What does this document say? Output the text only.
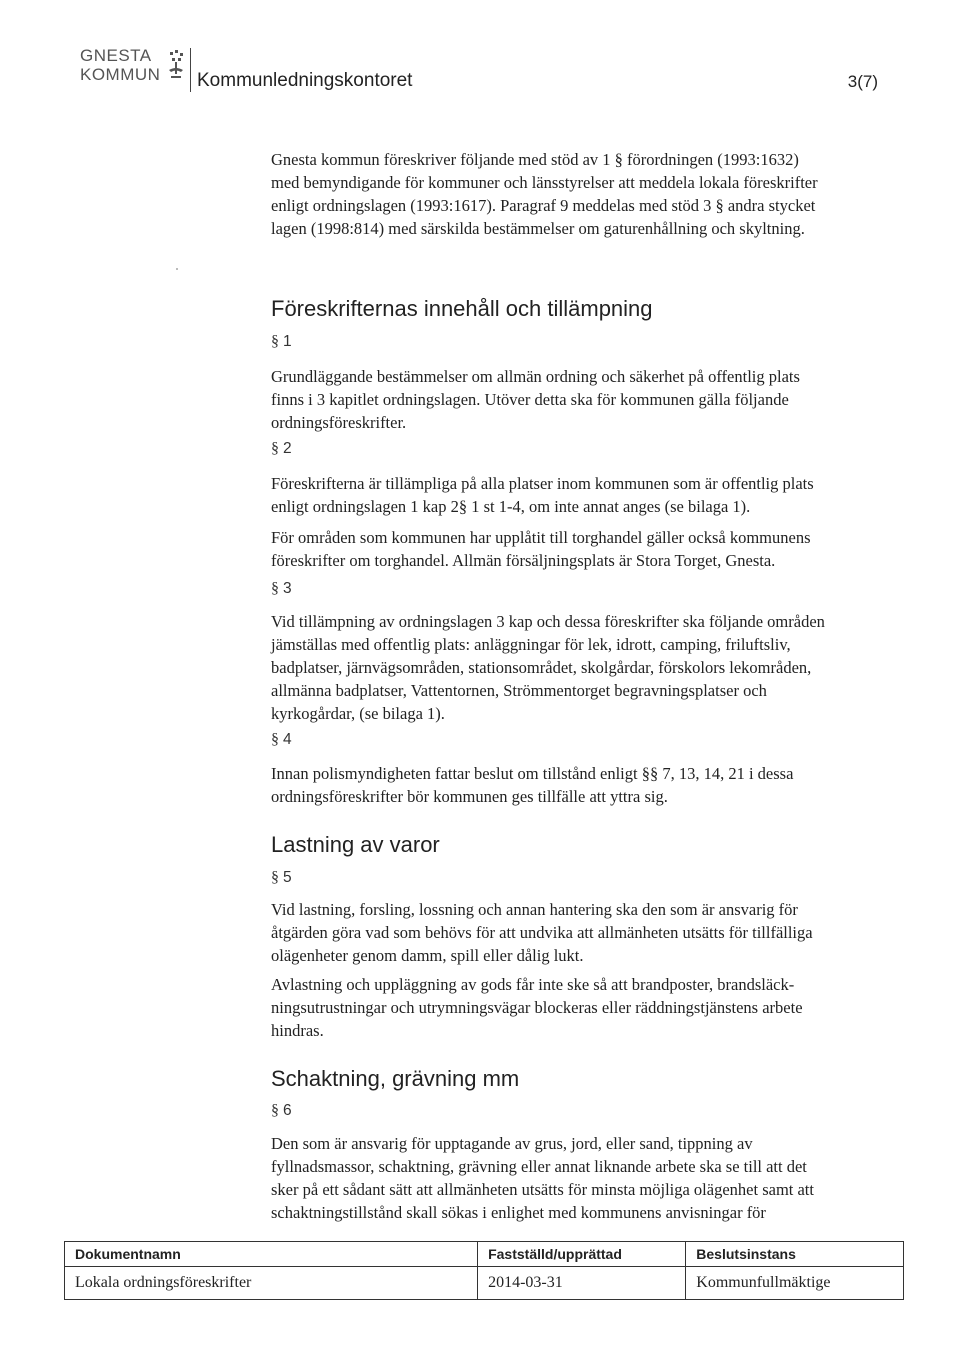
GNESTA
KOMMUN	Kommunledningskontoret	3(7)

Gnesta kommun föreskriver följande med stöd av 1 § förordningen (1993:1632)

med bemyndigande för kommuner och länsstyrelser att meddela lokala föreskrifter

enligt ordningslagen (1993:1617). Paragraf 9 meddelas med stöd 3 § andra stycket

lagen (1998:814) med särskilda bestämmelser om gaturenhållning och skyltning.

Föreskrifternas innehåll och tillämpning
§ 1

Grundläggande bestämmelser om allmän ordning och säkerhet på offentlig plats

finns i 3 kapitlet ordningslagen. Utöver detta ska för kommunen gälla följande

ordningsföreskrifter.

§ 2

Föreskrifterna är tillämpliga på alla platser inom kommunen som är offentlig plats

enligt ordningslagen 1 kap 2§ 1 st 1-4, om inte annat anges (se bilaga 1).

För områden som kommunen har upplåtit till torghandel gäller också kommunens

föreskrifter om torghandel. Allmän försäljningsplats är Stora Torget, Gnesta.

§ 3

Vid tillämpning av ordningslagen 3 kap och dessa föreskrifter ska följande områden

jämställas med offentlig plats: anläggningar för lek, idrott, camping, friluftsliv,

badplatser, järnvägsområden, stationsområdet, skolgårdar, förskolors lekområden,

allmänna badplatser, Vattentornen, Strömmentorget begravningsplatser och

kyrkogårdar, (se bilaga 1).

§ 4

Innan polismyndigheten fattar beslut om tillstånd enligt §§ 7, 13, 14, 21 i dessa

ordningsföreskrifter bör kommunen ges tillfälle att yttra sig.

Lastning av varor
§ 5

Vid lastning, forsling, lossning och annan hantering ska den som är ansvarig för

åtgärden göra vad som behövs för att undvika att allmänheten utsätts för tillfälliga

olägenheter genom damm, spill eller dålig lukt.

Avlastning och uppläggning av gods får inte ske så att brandposter, brandsläck-

ningsutrustningar och utrymningsvägar blockeras eller räddningstjänstens arbete

hindras.

Schaktning, grävning mm
§ 6

Den som är ansvarig för upptagande av grus, jord, eller sand, tippning av

fyllnadsmassor, schaktning, grävning eller annat liknande arbete ska se till att det

sker på ett sådant sätt att allmänheten utsätts för minsta möjliga olägenhet samt att

schaktningstillstånd skall sökas i enlighet med kommunens anvisningar för

Dokumentnamn	Fastställd/upprättad	Beslutsinstans
Lokala ordningsföreskrifter	2014-03-31	Kommunfullmäktige
